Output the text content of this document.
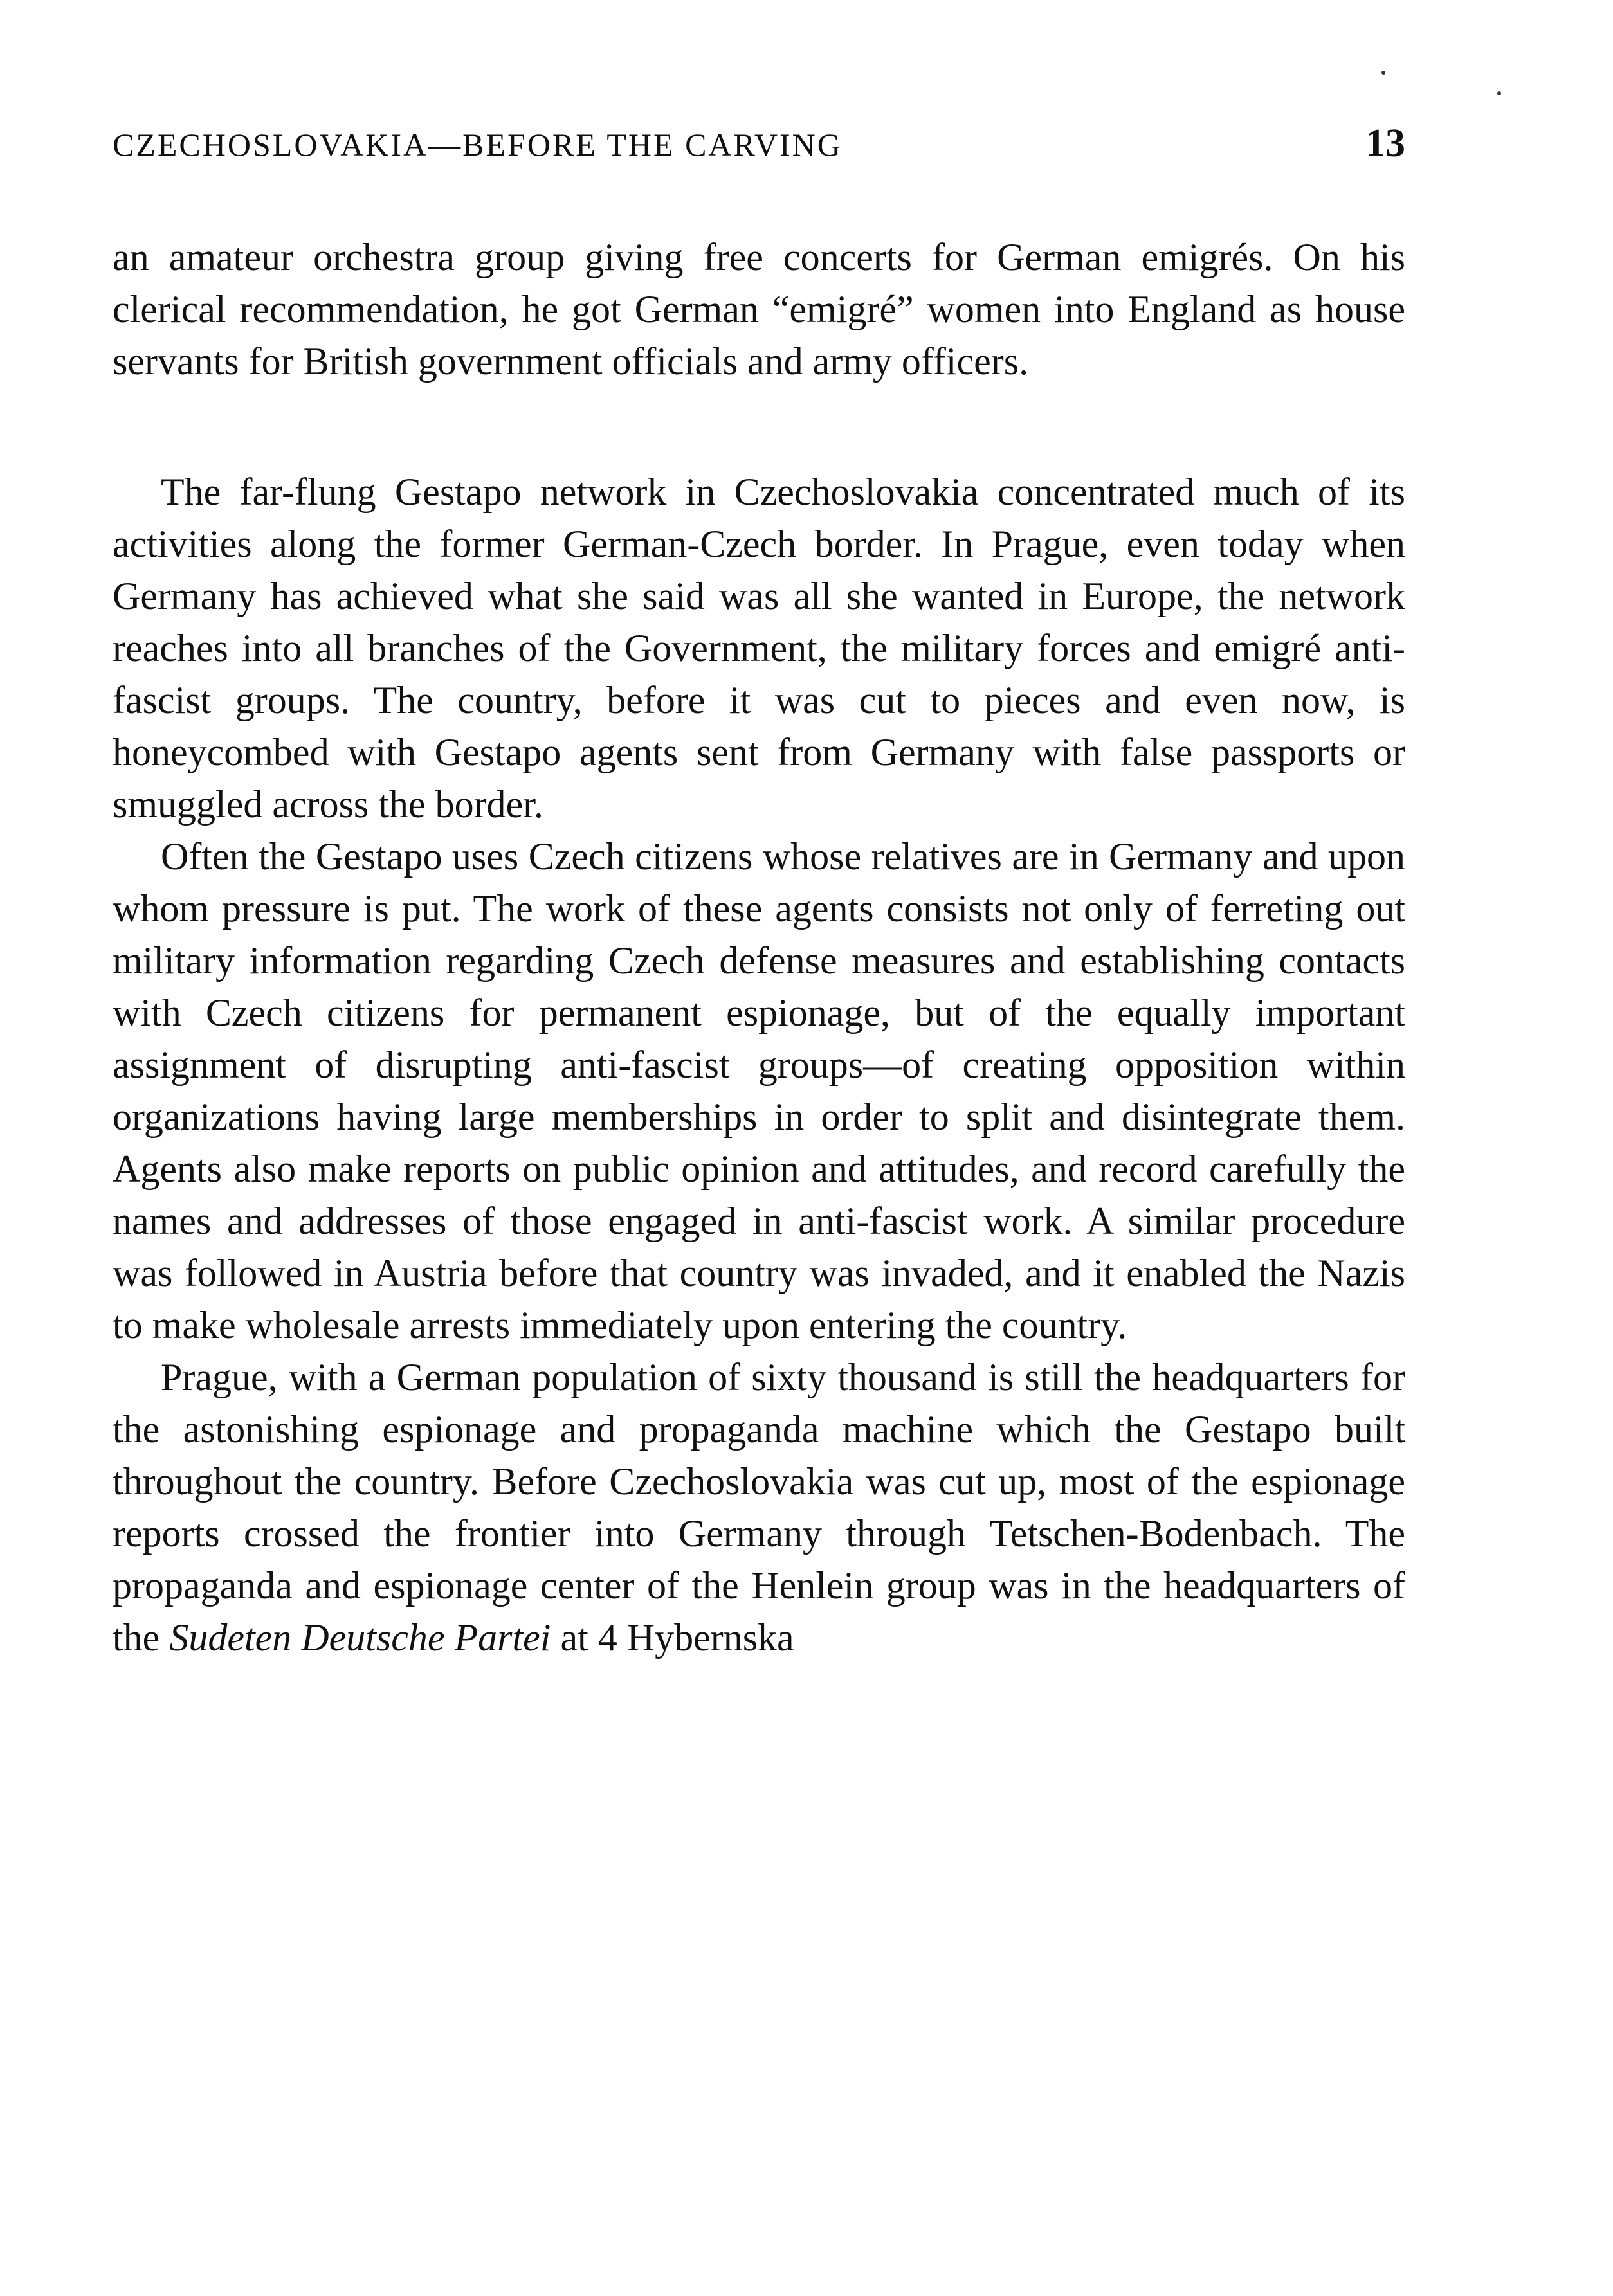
CZECHOSLOVAKIA—BEFORE THE CARVING	13

an amateur orchestra group giving free concerts for German emigrés. On his clerical recommendation, he got German “emigré” women into England as house servants for British government officials and army officers.

The far-flung Gestapo network in Czechoslovakia concentrated much of its activities along the former German-Czech border. In Prague, even today when Germany has achieved what she said was all she wanted in Europe, the network reaches into all branches of the Government, the military forces and emigré anti-fascist groups. The country, before it was cut to pieces and even now, is honeycombed with Gestapo agents sent from Germany with false passports or smuggled across the border.

Often the Gestapo uses Czech citizens whose relatives are in Germany and upon whom pressure is put. The work of these agents consists not only of ferreting out military information regarding Czech defense measures and establishing contacts with Czech citizens for permanent espionage, but of the equally important assignment of disrupting anti-fascist groups—of creating opposition within organizations having large memberships in order to split and disintegrate them. Agents also make reports on public opinion and attitudes, and record carefully the names and addresses of those engaged in anti-fascist work. A similar procedure was followed in Austria before that country was invaded, and it enabled the Nazis to make wholesale arrests immediately upon entering the country.

Prague, with a German population of sixty thousand is still the headquarters for the astonishing espionage and propaganda machine which the Gestapo built throughout the country. Before Czechoslovakia was cut up, most of the espionage reports crossed the frontier into Germany through Tetschen-Bodenbach. The propaganda and espionage center of the Henlein group was in the headquarters of the Sudeten Deutsche Partei at 4 Hybernska
